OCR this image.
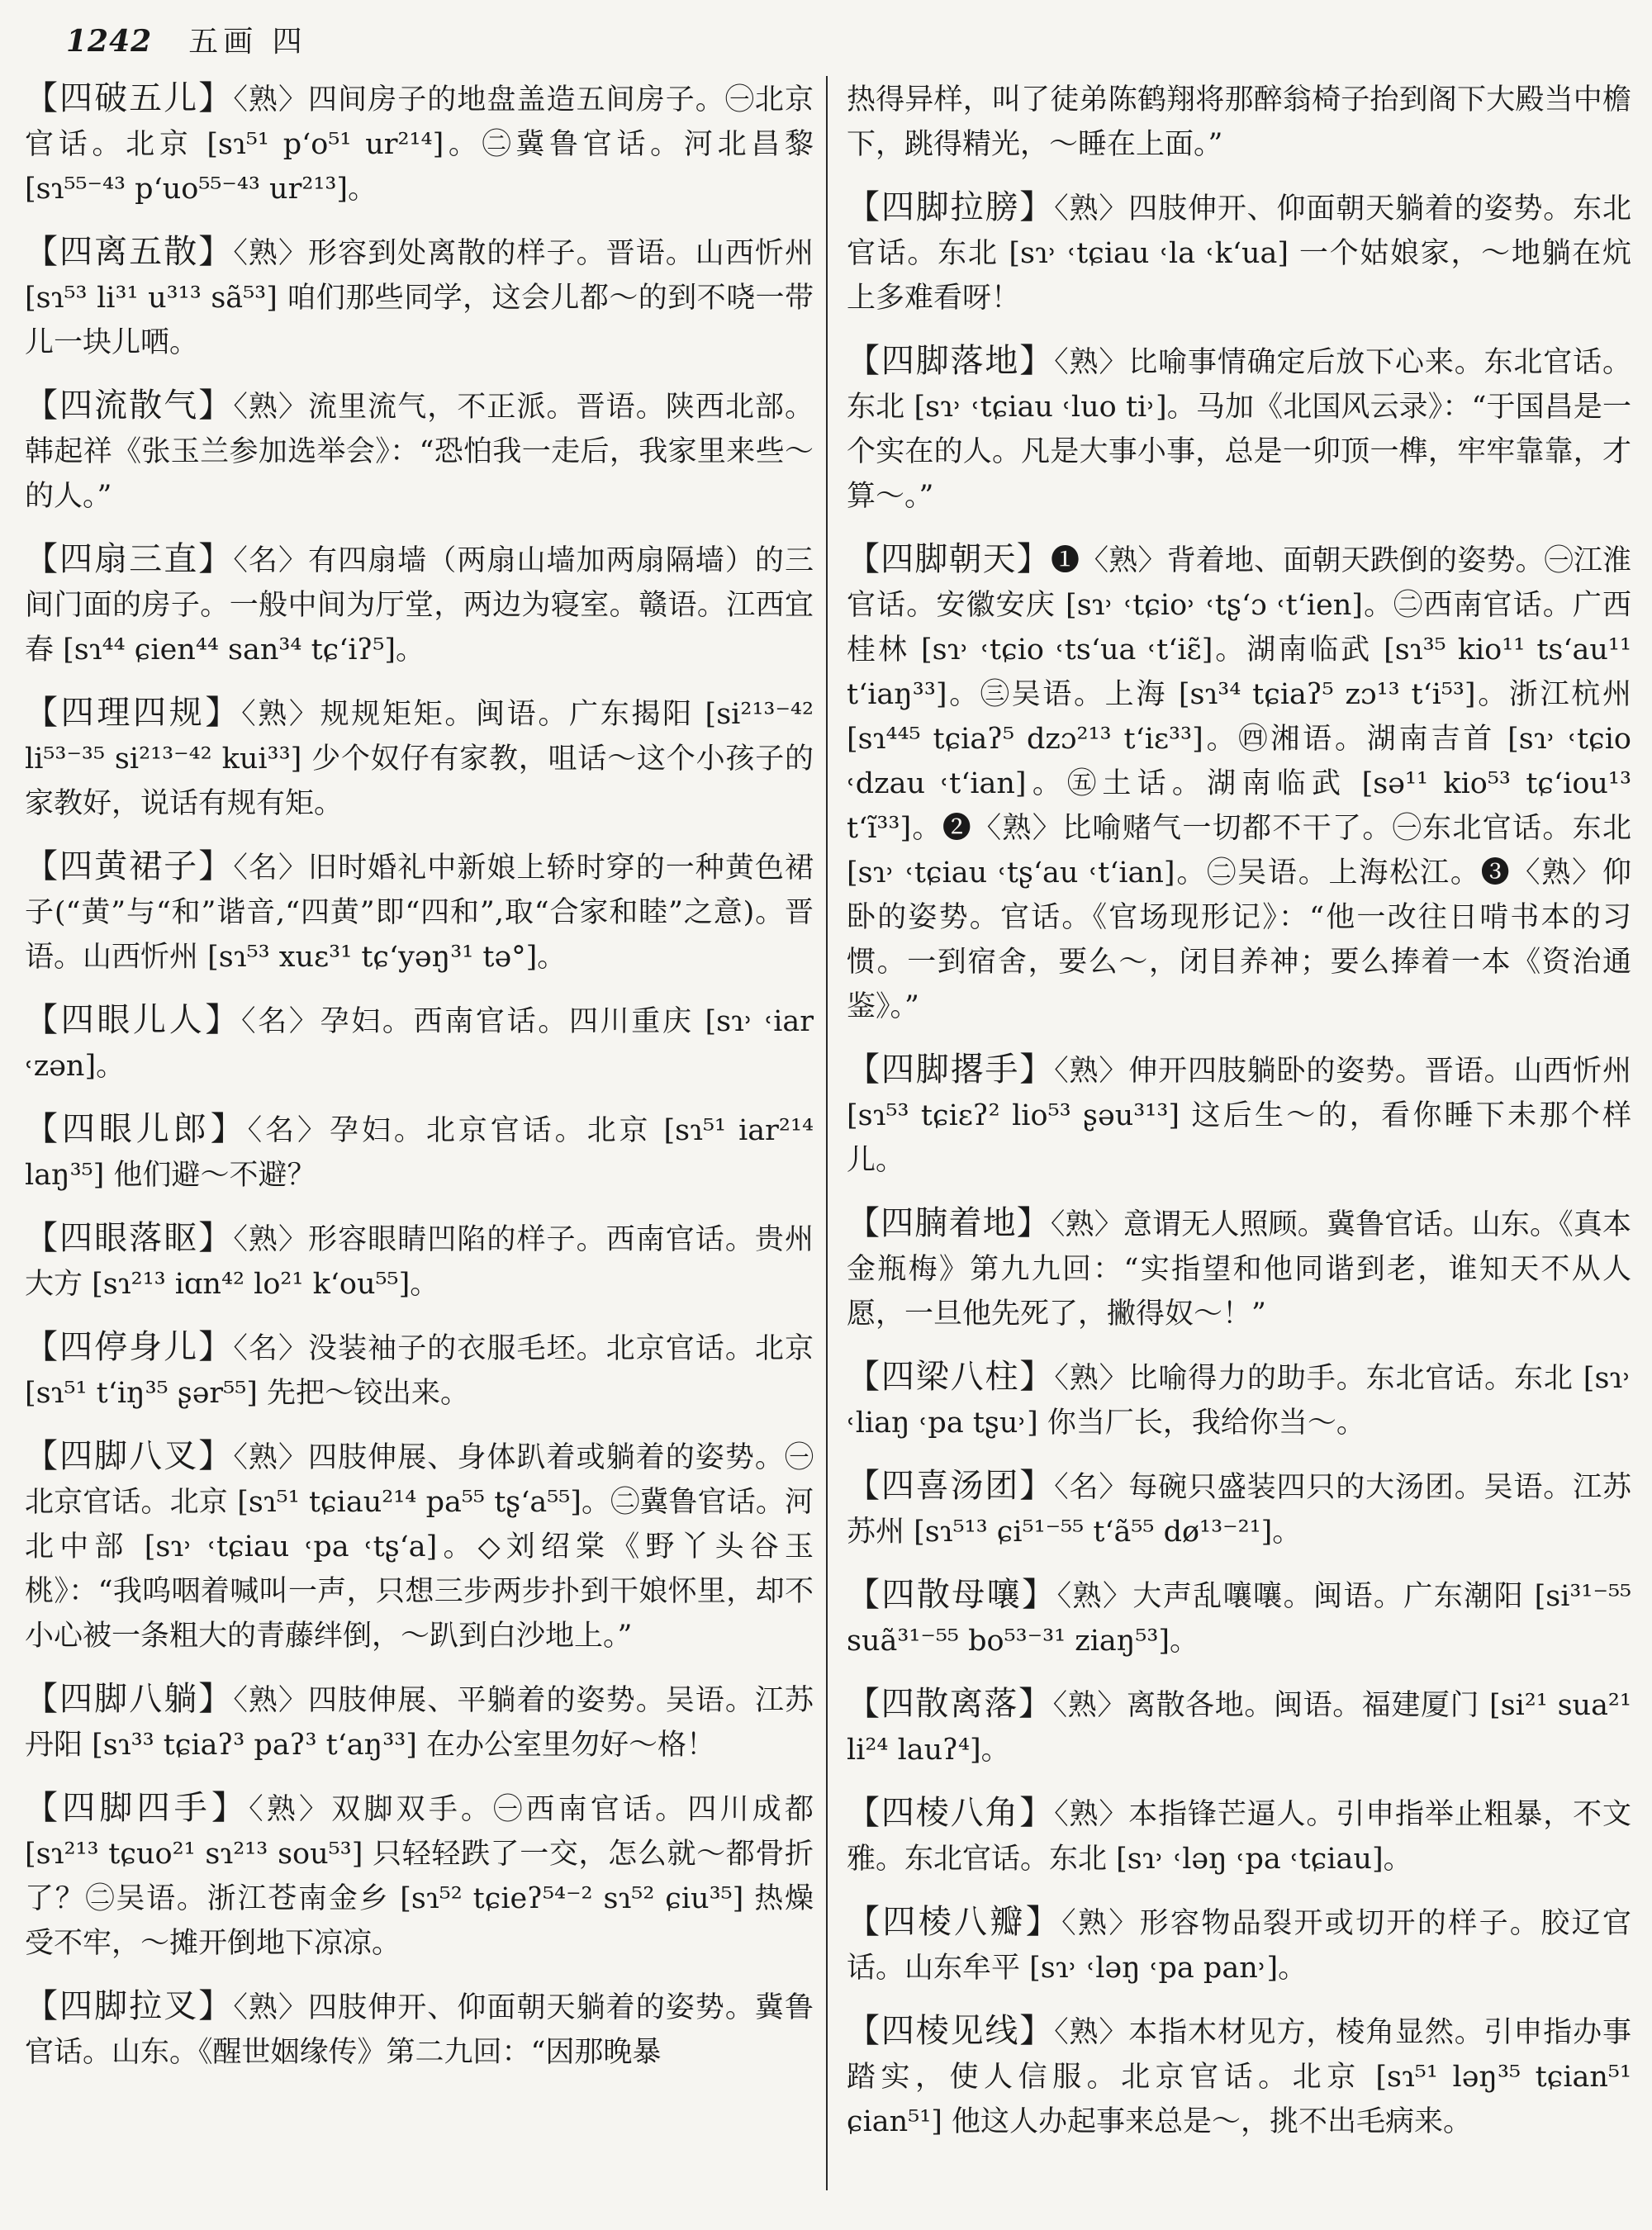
1242 五画 四

【四破五儿】〈熟〉四间房子的地盘盖造五间房子。㊀北京官话。北京 [sɿ⁵¹ pʻo⁵¹ ur²¹⁴]。㊁冀鲁官话。河北昌黎 [sɿ⁵⁵⁻⁴³ pʻuo⁵⁵⁻⁴³ ur²¹³]。

【四离五散】〈熟〉形容到处离散的样子。晋语。山西忻州 [sɿ⁵³ li³¹ u³¹³ sã⁵³] 咱们那些同学，这会儿都～的到不哓一带儿一块儿哂。

【四流散气】〈熟〉流里流气，不正派。晋语。陕西北部。韩起祥《张玉兰参加选举会》：“恐怕我一走后，我家里来些～的人。”

【四扇三直】〈名〉有四扇墙（两扇山墙加两扇隔墙）的三间门面的房子。一般中间为厅堂，两边为寝室。赣语。江西宜春 [sɿ⁴⁴ ɕien⁴⁴ san³⁴ tɕʻiʔ⁵]。

【四理四规】〈熟〉规规矩矩。闽语。广东揭阳 [si²¹³⁻⁴² li⁵³⁻³⁵ si²¹³⁻⁴² kui³³] 少个奴仔有家教，咀话～这个小孩子的家教好，说话有规有矩。

【四黄裙子】〈名〉旧时婚礼中新娘上轿时穿的一种黄色裙子(“黄”与“和”谐音,“四黄”即“四和”,取“合家和睦”之意)。晋语。山西忻州 [sɿ⁵³ xuɛ³¹ tɕʻyəŋ³¹ tə°]。

【四眼儿人】〈名〉孕妇。西南官话。四川重庆 [sɿ˒ ˓iar ˓zən]。

【四眼儿郎】〈名〉孕妇。北京官话。北京 [sɿ⁵¹ iar²¹⁴ laŋ³⁵] 他们避～不避？

【四眼落眍】〈熟〉形容眼睛凹陷的样子。西南官话。贵州大方 [sɿ²¹³ iɑn⁴² lo²¹ kʻou⁵⁵]。

【四停身儿】〈名〉没装袖子的衣服毛坯。北京官话。北京 [sɿ⁵¹ tʻiŋ³⁵ ʂər⁵⁵] 先把～铰出来。

【四脚八叉】〈熟〉四肢伸展、身体趴着或躺着的姿势。㊀北京官话。北京 [sɿ⁵¹ tɕiau²¹⁴ pa⁵⁵ tʂʻa⁵⁵]。㊁冀鲁官话。河北中部 [sɿ˒ ˓tɕiau ˓pa ˓tʂʻa]。◇刘绍棠《野丫头谷玉桃》：“我呜咽着喊叫一声，只想三步两步扑到干娘怀里，却不小心被一条粗大的青藤绊倒，～趴到白沙地上。”

【四脚八躺】〈熟〉四肢伸展、平躺着的姿势。吴语。江苏丹阳 [sɿ³³ tɕiaʔ³ paʔ³ tʻaŋ³³] 在办公室里勿好～格！

【四脚四手】〈熟〉双脚双手。㊀西南官话。四川成都 [sɿ²¹³ tɕuo²¹ sɿ²¹³ sou⁵³] 只轻轻跌了一交，怎么就～都骨折了？㊁吴语。浙江苍南金乡 [sɿ⁵² tɕieʔ⁵⁴⁻² sɿ⁵² ɕiu³⁵] 热燥受不牢，～摊开倒地下凉凉。

【四脚拉叉】〈熟〉四肢伸开、仰面朝天躺着的姿势。冀鲁官话。山东。《醒世姻缘传》第二九回：“因那晚暴

热得异样，叫了徒弟陈鹤翔将那醉翁椅子抬到阁下大殿当中檐下，跳得精光，～睡在上面。”

【四脚拉膀】〈熟〉四肢伸开、仰面朝天躺着的姿势。东北官话。东北 [sɿ˒ ˓tɕiau ˓la ˓kʻua] 一个姑娘家，～地躺在炕上多难看呀！

【四脚落地】〈熟〉比喻事情确定后放下心来。东北官话。东北 [sɿ˒ ˓tɕiau ˓luo ti˒]。马加《北国风云录》：“于国昌是一个实在的人。凡是大事小事，总是一卯顶一榫，牢牢靠靠，才算～。”

【四脚朝天】❶〈熟〉背着地、面朝天跌倒的姿势。㊀江淮官话。安徽安庆 [sɿ˒ ˓tɕio˒ ˓tʂʻɔ ˓tʻien]。㊁西南官话。广西桂林 [sɿ˒ ˓tɕio ˓tsʻua ˓tʻiɛ̃]。湖南临武 [sɿ³⁵ kio¹¹ tsʻau¹¹ tʻiaŋ³³]。㊂吴语。上海 [sɿ³⁴ tɕiaʔ⁵ zɔ¹³ tʻi⁵³]。浙江杭州 [sɿ⁴⁴⁵ tɕiaʔ⁵ dzɔ²¹³ tʻiɛ³³]。㊃湘语。湖南吉首 [sɿ˒ ˓tɕio ˓dzau ˓tʻian]。㊄土话。湖南临武 [sə¹¹ kio⁵³ tɕʻiou¹³ tʻĩ³³]。❷〈熟〉比喻赌气一切都不干了。㊀东北官话。东北 [sɿ˒ ˓tɕiau ˓tʂʻau ˓tʻian]。㊁吴语。上海松江。❸〈熟〉仰卧的姿势。官话。《官场现形记》：“他一改往日啃书本的习惯。一到宿舍，要么～，闭目养神；要么捧着一本《资治通鉴》。”

【四脚撂手】〈熟〉伸开四肢躺卧的姿势。晋语。山西忻州 [sɿ⁵³ tɕiɛʔ² lio⁵³ ʂəu³¹³] 这后生～的，看你睡下未那个样儿。

【四腩着地】〈熟〉意谓无人照顾。冀鲁官话。山东。《真本金瓶梅》第九九回：“实指望和他同谐到老，谁知天不从人愿，一旦他先死了，撇得奴～！”

【四梁八柱】〈熟〉比喻得力的助手。东北官话。东北 [sɿ˒ ˓liaŋ ˓pa tʂu˒] 你当厂长，我给你当～。

【四喜汤团】〈名〉每碗只盛装四只的大汤团。吴语。江苏苏州 [sɿ⁵¹³ ɕi⁵¹⁻⁵⁵ tʻã⁵⁵ dø¹³⁻²¹]。

【四散母嚷】〈熟〉大声乱嚷嚷。闽语。广东潮阳 [si³¹⁻⁵⁵ suã³¹⁻⁵⁵ bo⁵³⁻³¹ ziaŋ⁵³]。

【四散离落】〈熟〉离散各地。闽语。福建厦门 [si²¹ sua²¹ li²⁴ lauʔ⁴]。

【四棱八角】〈熟〉本指锋芒逼人。引申指举止粗暴，不文雅。东北官话。东北 [sɿ˒ ˓ləŋ ˓pa ˓tɕiau]。

【四棱八瓣】〈熟〉形容物品裂开或切开的样子。胶辽官话。山东牟平 [sɿ˒ ˓ləŋ ˓pa pan˒]。

【四棱见线】〈熟〉本指木材见方，棱角显然。引申指办事踏实，使人信服。北京官话。北京 [sɿ⁵¹ ləŋ³⁵ tɕian⁵¹ ɕian⁵¹] 他这人办起事来总是～，挑不出毛病来。
